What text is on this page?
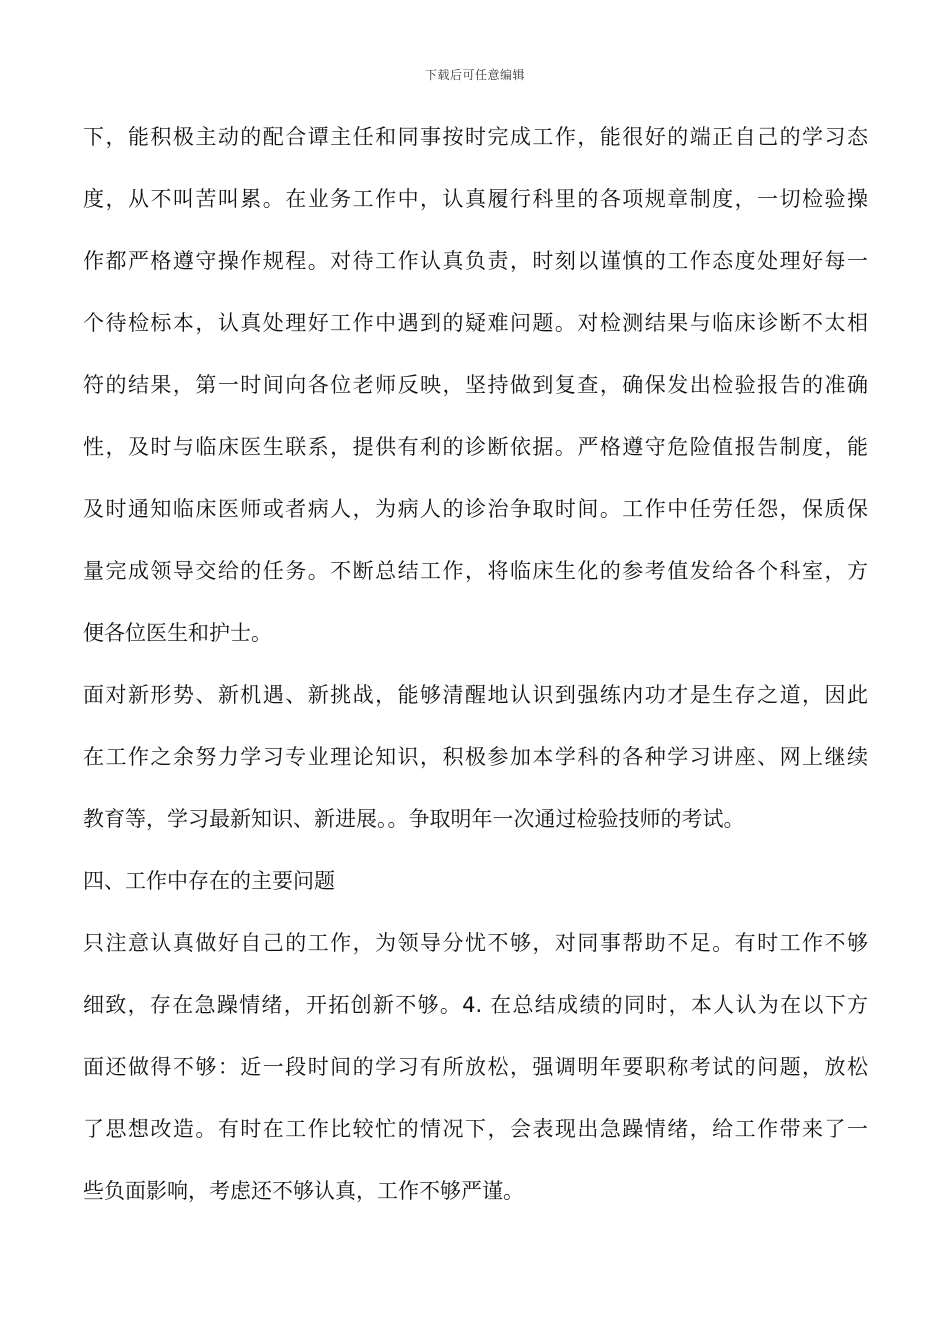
下载后可任意编辑
下，能积极主动的配合谭主任和同事按时完成工作，能很好的端正自己的学习态
度，从不叫苦叫累。在业务工作中，认真履行科里的各项规章制度，一切检验操
作都严格遵守操作规程。对待工作认真负责，时刻以谨慎的工作态度处理好每一
个待检标本，认真处理好工作中遇到的疑难问题。对检测结果与临床诊断不太相
符的结果，第一时间向各位老师反映，坚持做到复查，确保发出检验报告的准确
性，及时与临床医生联系，提供有利的诊断依据。严格遵守危险值报告制度，能
及时通知临床医师或者病人，为病人的诊治争取时间。工作中任劳任怨，保质保
量完成领导交给的任务。不断总结工作，将临床生化的参考值发给各个科室，方
便各位医生和护士。
面对新形势、新机遇、新挑战，能够清醒地认识到强练内功才是生存之道，因此
在工作之余努力学习专业理论知识，积极参加本学科的各种学习讲座、网上继续
教育等，学习最新知识、新进展。。争取明年一次通过检验技师的考试。
四、工作中存在的主要问题
只注意认真做好自己的工作，为领导分忧不够，对同事帮助不足。有时工作不够
细致，存在急躁情绪，开拓创新不够。4. 在总结成绩的同时，本人认为在以下方
面还做得不够：近一段时间的学习有所放松，强调明年要职称考试的问题，放松
了思想改造。有时在工作比较忙的情况下，会表现出急躁情绪，给工作带来了一
些负面影响，考虑还不够认真，工作不够严谨。
